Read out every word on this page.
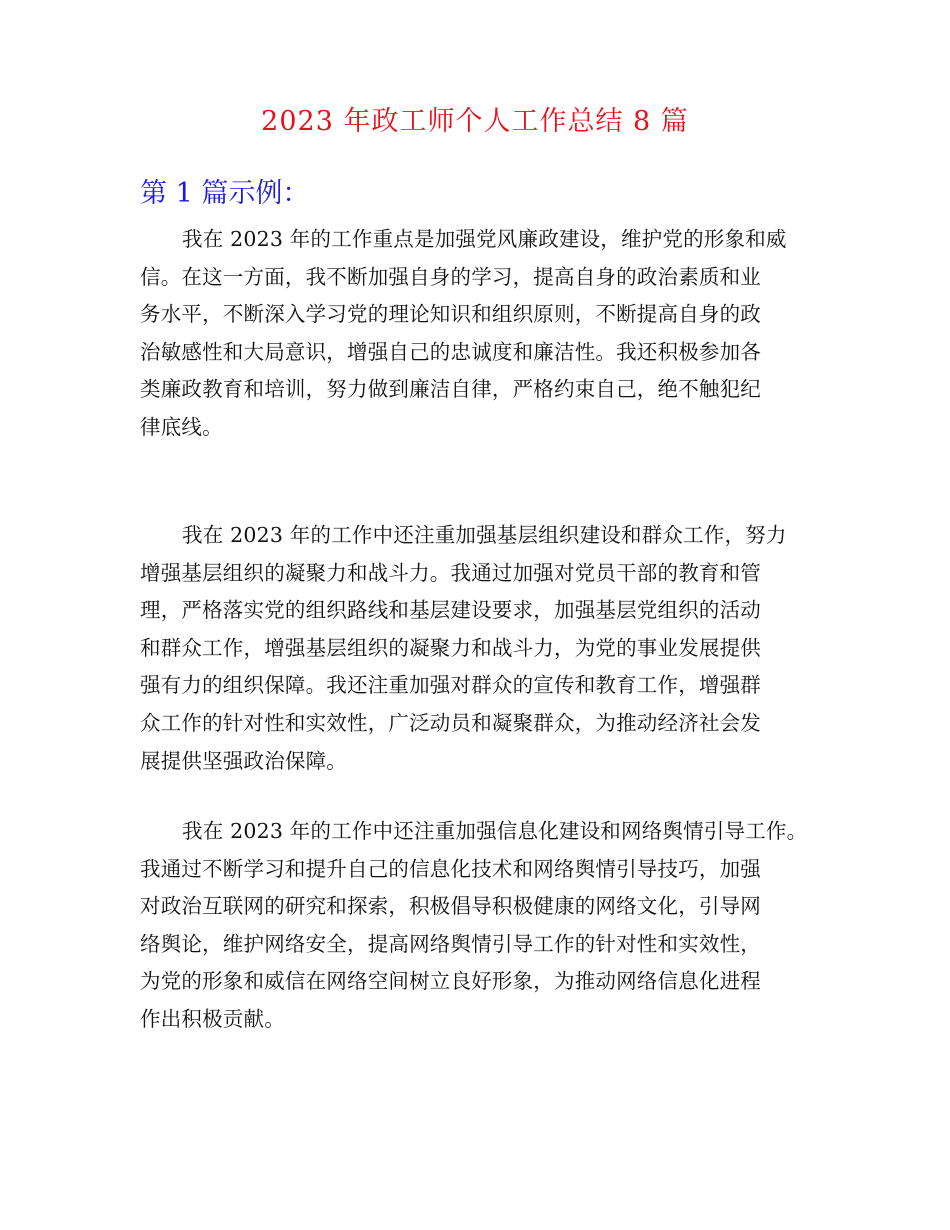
2023 年政工师个人工作总结 8 篇
第 1 篇示例：
我在 2023 年的工作重点是加强党风廉政建设，维护党的形象和威
信。在这一方面，我不断加强自身的学习，提高自身的政治素质和业
务水平，不断深入学习党的理论知识和组织原则，不断提高自身的政
治敏感性和大局意识，增强自己的忠诚度和廉洁性。我还积极参加各
类廉政教育和培训，努力做到廉洁自律，严格约束自己，绝不触犯纪
律底线。
我在 2023 年的工作中还注重加强基层组织建设和群众工作，努力
增强基层组织的凝聚力和战斗力。我通过加强对党员干部的教育和管
理，严格落实党的组织路线和基层建设要求，加强基层党组织的活动
和群众工作，增强基层组织的凝聚力和战斗力，为党的事业发展提供
强有力的组织保障。我还注重加强对群众的宣传和教育工作，增强群
众工作的针对性和实效性，广泛动员和凝聚群众，为推动经济社会发
展提供坚强政治保障。
我在 2023 年的工作中还注重加强信息化建设和网络舆情引导工作。
我通过不断学习和提升自己的信息化技术和网络舆情引导技巧，加强
对政治互联网的研究和探索，积极倡导积极健康的网络文化，引导网
络舆论，维护网络安全，提高网络舆情引导工作的针对性和实效性，
为党的形象和威信在网络空间树立良好形象，为推动网络信息化进程
作出积极贡献。
